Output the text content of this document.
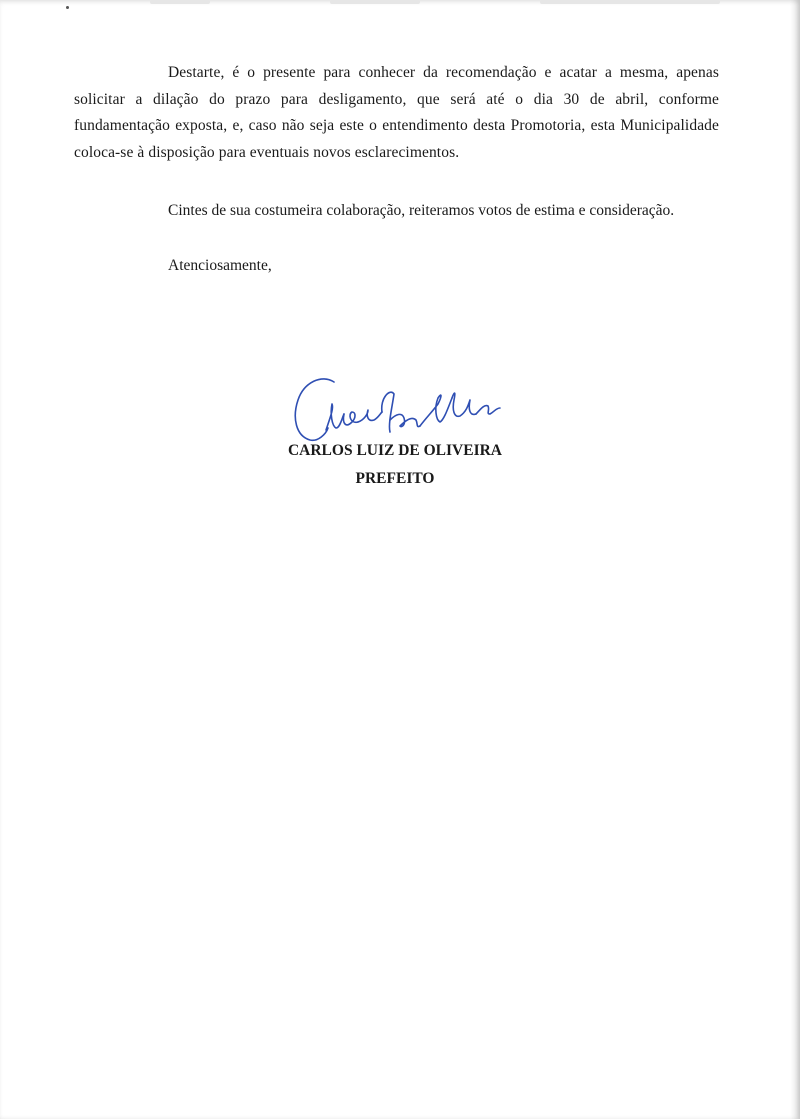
Destarte, é o presente para conhecer da recomendação e acatar a mesma, apenas solicitar a dilação do prazo para desligamento, que será até o dia 30 de abril, conforme fundamentação exposta, e, caso não seja este o entendimento desta Promotoria, esta Municipalidade coloca-se à disposição para eventuais novos esclarecimentos.

Cintes de sua costumeira colaboração, reiteramos votos de estima e consideração.

Atenciosamente,

CARLOS LUIZ DE OLIVEIRA

PREFEITO
